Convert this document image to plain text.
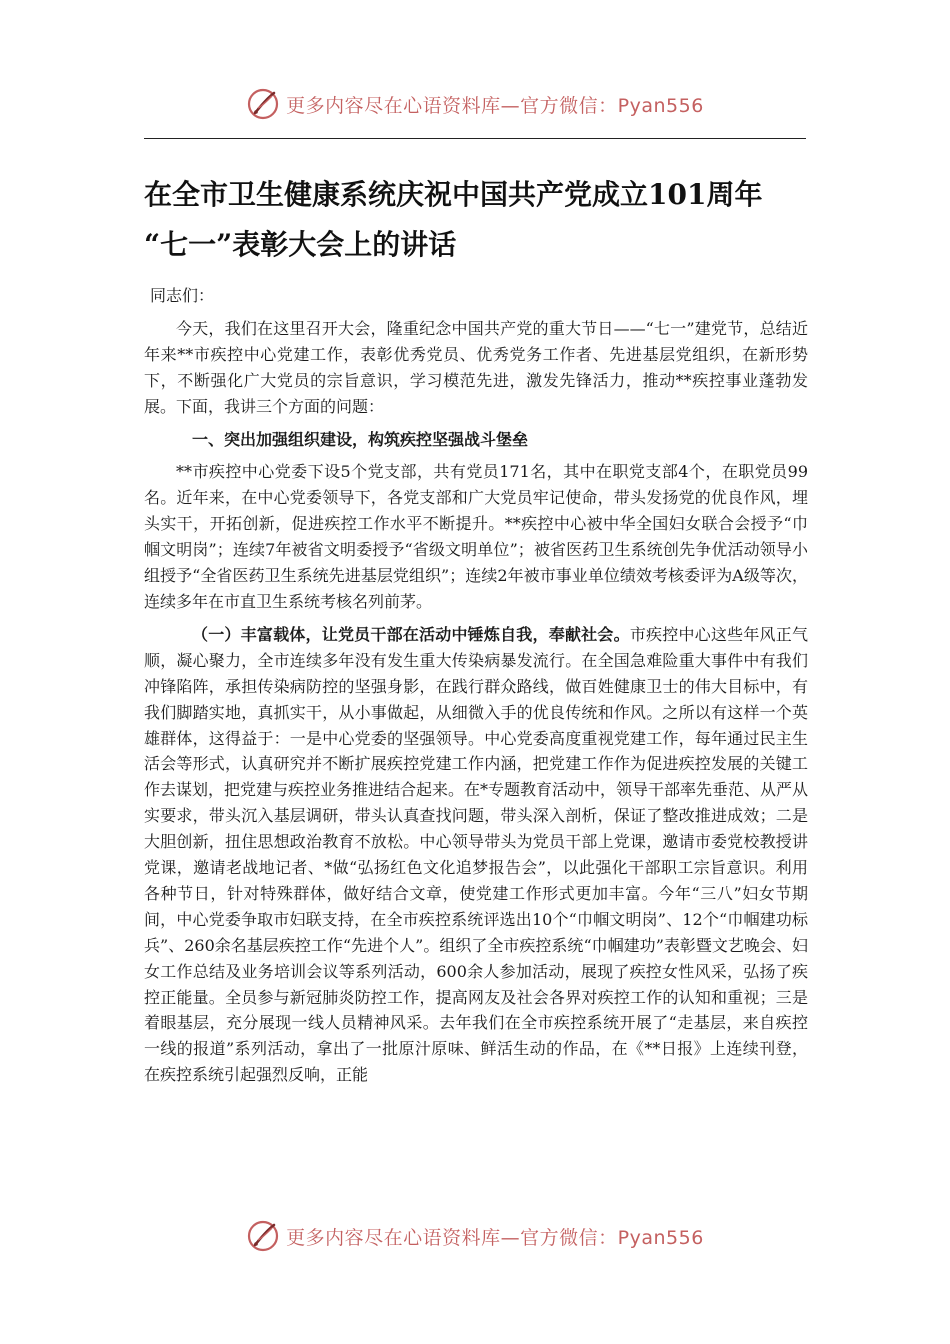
更多内容尽在心语资料库—官方微信：Pyan556
在全市卫生健康系统庆祝中国共产党成立101周年
“七一”表彰大会上的讲话

同志们：

今天，我们在这里召开大会，隆重纪念中国共产党的重大节日——“七一”建党节，总结近年来**市疾控中心党建工作，表彰优秀党员、优秀党务工作者、先进基层党组织，在新形势下，不断强化广大党员的宗旨意识，学习模范先进，激发先锋活力，推动**疾控事业蓬勃发展。下面，我讲三个方面的问题：

一、突出加强组织建设，构筑疾控坚强战斗堡垒

**市疾控中心党委下设5个党支部，共有党员171名，其中在职党支部4个，在职党员99名。近年来，在中心党委领导下，各党支部和广大党员牢记使命，带头发扬党的优良作风，埋头实干，开拓创新，促进疾控工作水平不断提升。**疾控中心被中华全国妇女联合会授予“巾帼文明岗”；连续7年被省文明委授予“省级文明单位”；被省医药卫生系统创先争优活动领导小组授予“全省医药卫生系统先进基层党组织”；连续2年被市事业单位绩效考核委评为A级等次，连续多年在市直卫生系统考核名列前茅。

（一）丰富载体，让党员干部在活动中锤炼自我，奉献社会。市疾控中心这些年风正气顺，凝心聚力，全市连续多年没有发生重大传染病暴发流行。在全国急难险重大事件中有我们冲锋陷阵，承担传染病防控的坚强身影，在践行群众路线，做百姓健康卫士的伟大目标中，有我们脚踏实地，真抓实干，从小事做起，从细微入手的优良传统和作风。之所以有这样一个英雄群体，这得益于：一是中心党委的坚强领导。中心党委高度重视党建工作，每年通过民主生活会等形式，认真研究并不断扩展疾控党建工作内涵，把党建工作作为促进疾控发展的关键工作去谋划，把党建与疾控业务推进结合起来。在*专题教育活动中，领导干部率先垂范、从严从实要求，带头沉入基层调研，带头认真查找问题，带头深入剖析，保证了整改推进成效；二是大胆创新，扭住思想政治教育不放松。中心领导带头为党员干部上党课，邀请市委党校教授讲党课，邀请老战地记者、*做“弘扬红色文化追梦报告会”，以此强化干部职工宗旨意识。利用各种节日，针对特殊群体，做好结合文章，使党建工作形式更加丰富。今年“三八”妇女节期间，中心党委争取市妇联支持，在全市疾控系统评选出10个“巾帼文明岗”、12个“巾帼建功标兵”、260余名基层疾控工作“先进个人”。组织了全市疾控系统“巾帼建功”表彰暨文艺晚会、妇女工作总结及业务培训会议等系列活动，600余人参加活动，展现了疾控女性风采，弘扬了疾控正能量。全员参与新冠肺炎防控工作，提高网友及社会各界对疾控工作的认知和重视；三是着眼基层，充分展现一线人员精神风采。去年我们在全市疾控系统开展了“走基层，来自疾控一线的报道”系列活动，拿出了一批原汁原味、鲜活生动的作品，在《**日报》上连续刊登，在疾控系统引起强烈反响，正能

更多内容尽在心语资料库—官方微信：Pyan556
